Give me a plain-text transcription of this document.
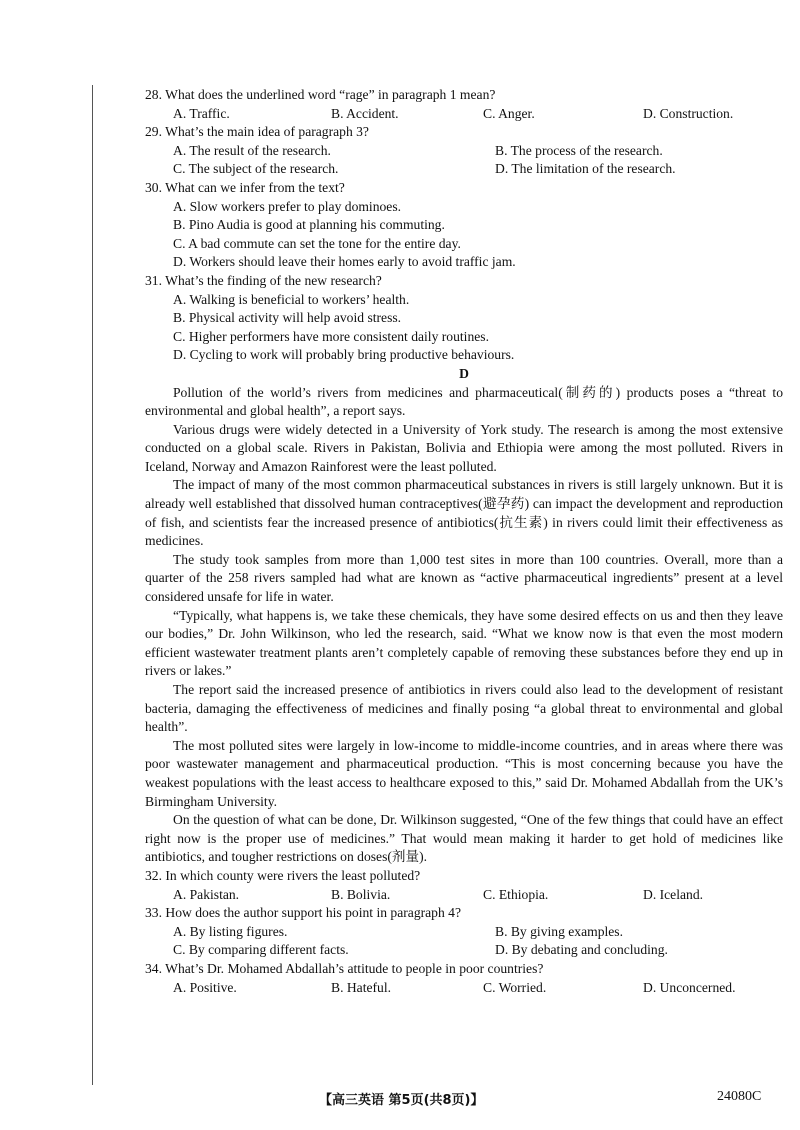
28. What does the underlined word “rage” in paragraph 1 mean?

A. Traffic.	B. Accident.	C. Anger.	D. Construction.

29. What’s the main idea of paragraph 3?

A. The result of the research.	B. The process of the research.
C. The subject of the research.	D. The limitation of the research.

30. What can we infer from the text?

A. Slow workers prefer to play dominoes.
B. Pino Audia is good at planning his commuting.
C. A bad commute can set the tone for the entire day.
D. Workers should leave their homes early to avoid traffic jam.

31. What’s the finding of the new research?

A. Walking is beneficial to workers’ health.
B. Physical activity will help avoid stress.
C. Higher performers have more consistent daily routines.
D. Cycling to work will probably bring productive behaviours.

D

Pollution of the world’s rivers from medicines and pharmaceutical(制药的) products poses a “threat to environmental and global health”, a report says.

Various drugs were widely detected in a University of York study. The research is among the most extensive conducted on a global scale. Rivers in Pakistan, Bolivia and Ethiopia were among the most polluted. Rivers in Iceland, Norway and Amazon Rainforest were the least polluted.

The impact of many of the most common pharmaceutical substances in rivers is still largely unknown. But it is already well established that dissolved human contraceptives(避孕药) can impact the development and reproduction of fish, and scientists fear the increased presence of antibiotics(抗生素) in rivers could limit their effectiveness as medicines.

The study took samples from more than 1,000 test sites in more than 100 countries. Overall, more than a quarter of the 258 rivers sampled had what are known as “active pharmaceutical ingredients” present at a level considered unsafe for life in water.

“Typically, what happens is, we take these chemicals, they have some desired effects on us and then they leave our bodies,” Dr. John Wilkinson, who led the research, said. “What we know now is that even the most modern efficient wastewater treatment plants aren’t completely capable of removing these substances before they end up in rivers or lakes.”

The report said the increased presence of antibiotics in rivers could also lead to the development of resistant bacteria, damaging the effectiveness of medicines and finally posing “a global threat to environmental and global health”.

The most polluted sites were largely in low-income to middle-income countries, and in areas where there was poor wastewater management and pharmaceutical production. “This is most concerning because you have the weakest populations with the least access to healthcare exposed to this,” said Dr. Mohamed Abdallah from the UK’s Birmingham University.

On the question of what can be done, Dr. Wilkinson suggested, “One of the few things that could have an effect right now is the proper use of medicines.” That would mean making it harder to get hold of medicines like antibiotics, and tougher restrictions on doses(剂量).

32. In which county were rivers the least polluted?

A. Pakistan.	B. Bolivia.	C. Ethiopia.	D. Iceland.

33. How does the author support his point in paragraph 4?

A. By listing figures.	B. By giving examples.
C. By comparing different facts.	D. By debating and concluding.

34. What’s Dr. Mohamed Abdallah’s attitude to people in poor countries?

A. Positive.	B. Hateful.	C. Worried.	D. Unconcerned.
【高三英语 第5页(共8页)】	24080C
